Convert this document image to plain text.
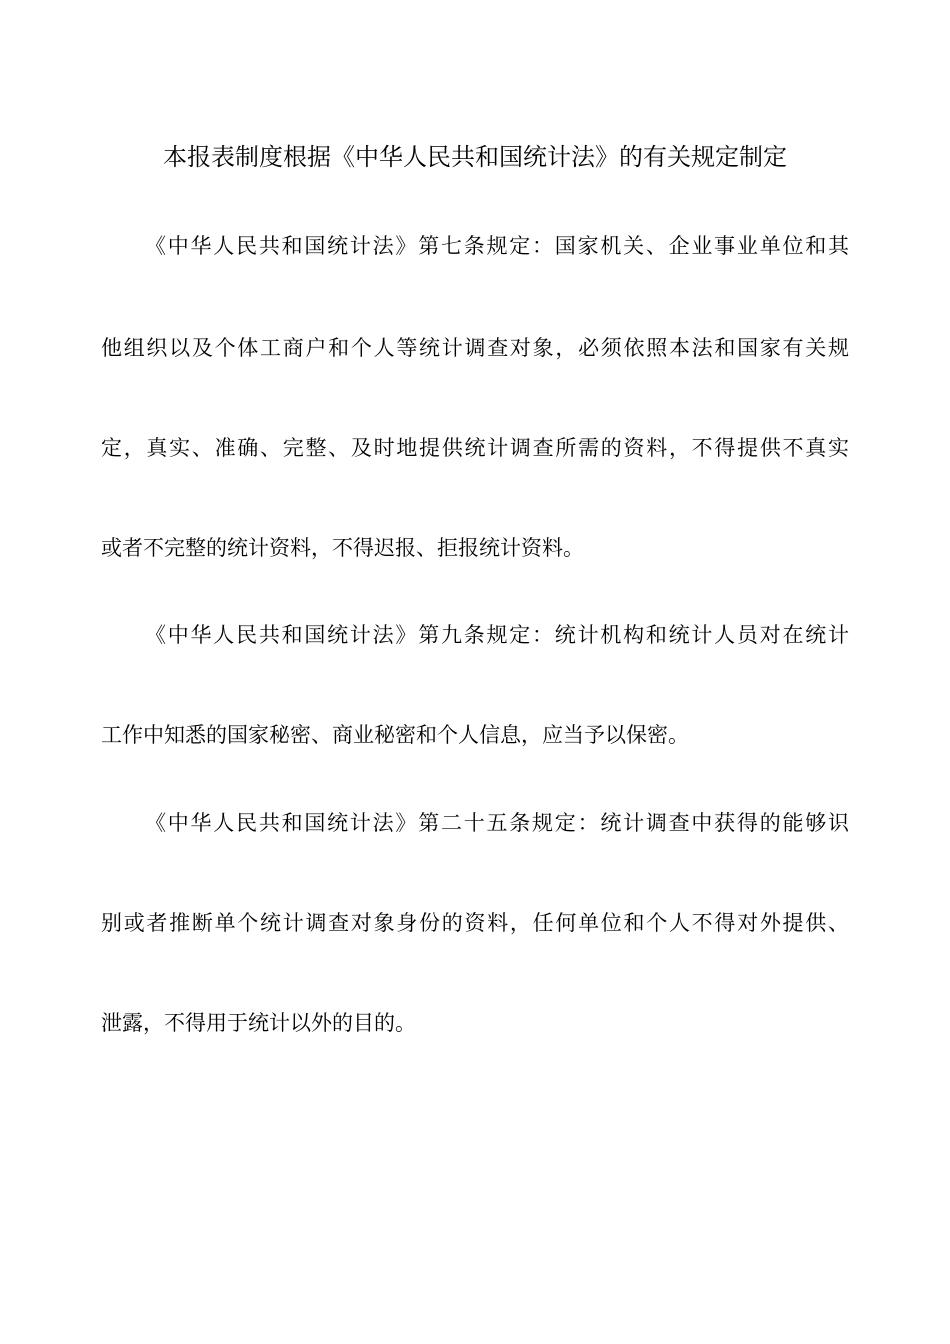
本报表制度根据《中华人民共和国统计法》的有关规定制定
《中华人民共和国统计法》第七条规定：国家机关、企业事业单位和其
他组织以及个体工商户和个人等统计调查对象，必须依照本法和国家有关规
定，真实、准确、完整、及时地提供统计调查所需的资料，不得提供不真实
或者不完整的统计资料，不得迟报、拒报统计资料。
《中华人民共和国统计法》第九条规定：统计机构和统计人员对在统计
工作中知悉的国家秘密、商业秘密和个人信息，应当予以保密。
《中华人民共和国统计法》第二十五条规定：统计调查中获得的能够识
别或者推断单个统计调查对象身份的资料，任何单位和个人不得对外提供、
泄露，不得用于统计以外的目的。
